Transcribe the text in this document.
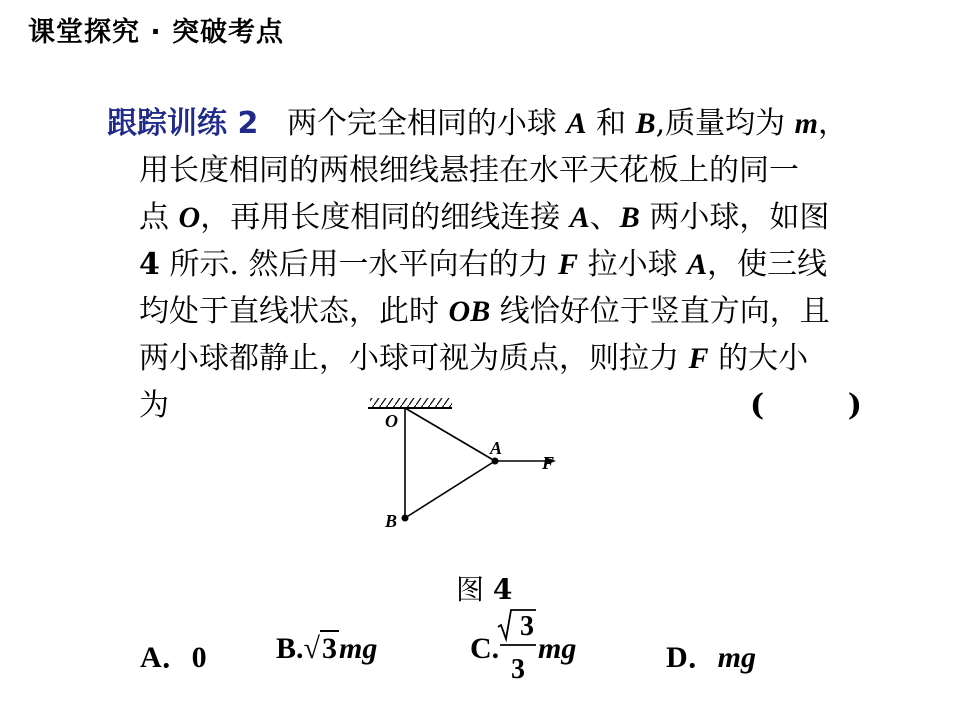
课堂探究 · 突破考点

跟踪训练 2 两个完全相同的小球 A 和 B,质量均为 m，

用长度相同的两根细线悬挂在水平天花板上的同一

点 O，再用长度相同的细线连接 A、B 两小球，如图

4 所示. 然后用一水平向右的力 F 拉小球 A，使三线

均处于直线状态，此时 OB 线恰好位于竖直方向，且

两小球都静止，小球可视为质点，则拉力 F 的大小

为	(        )
O
A
B
F
图 4
A．0 B.√3mg	C.
3
3
mg	D．mg
